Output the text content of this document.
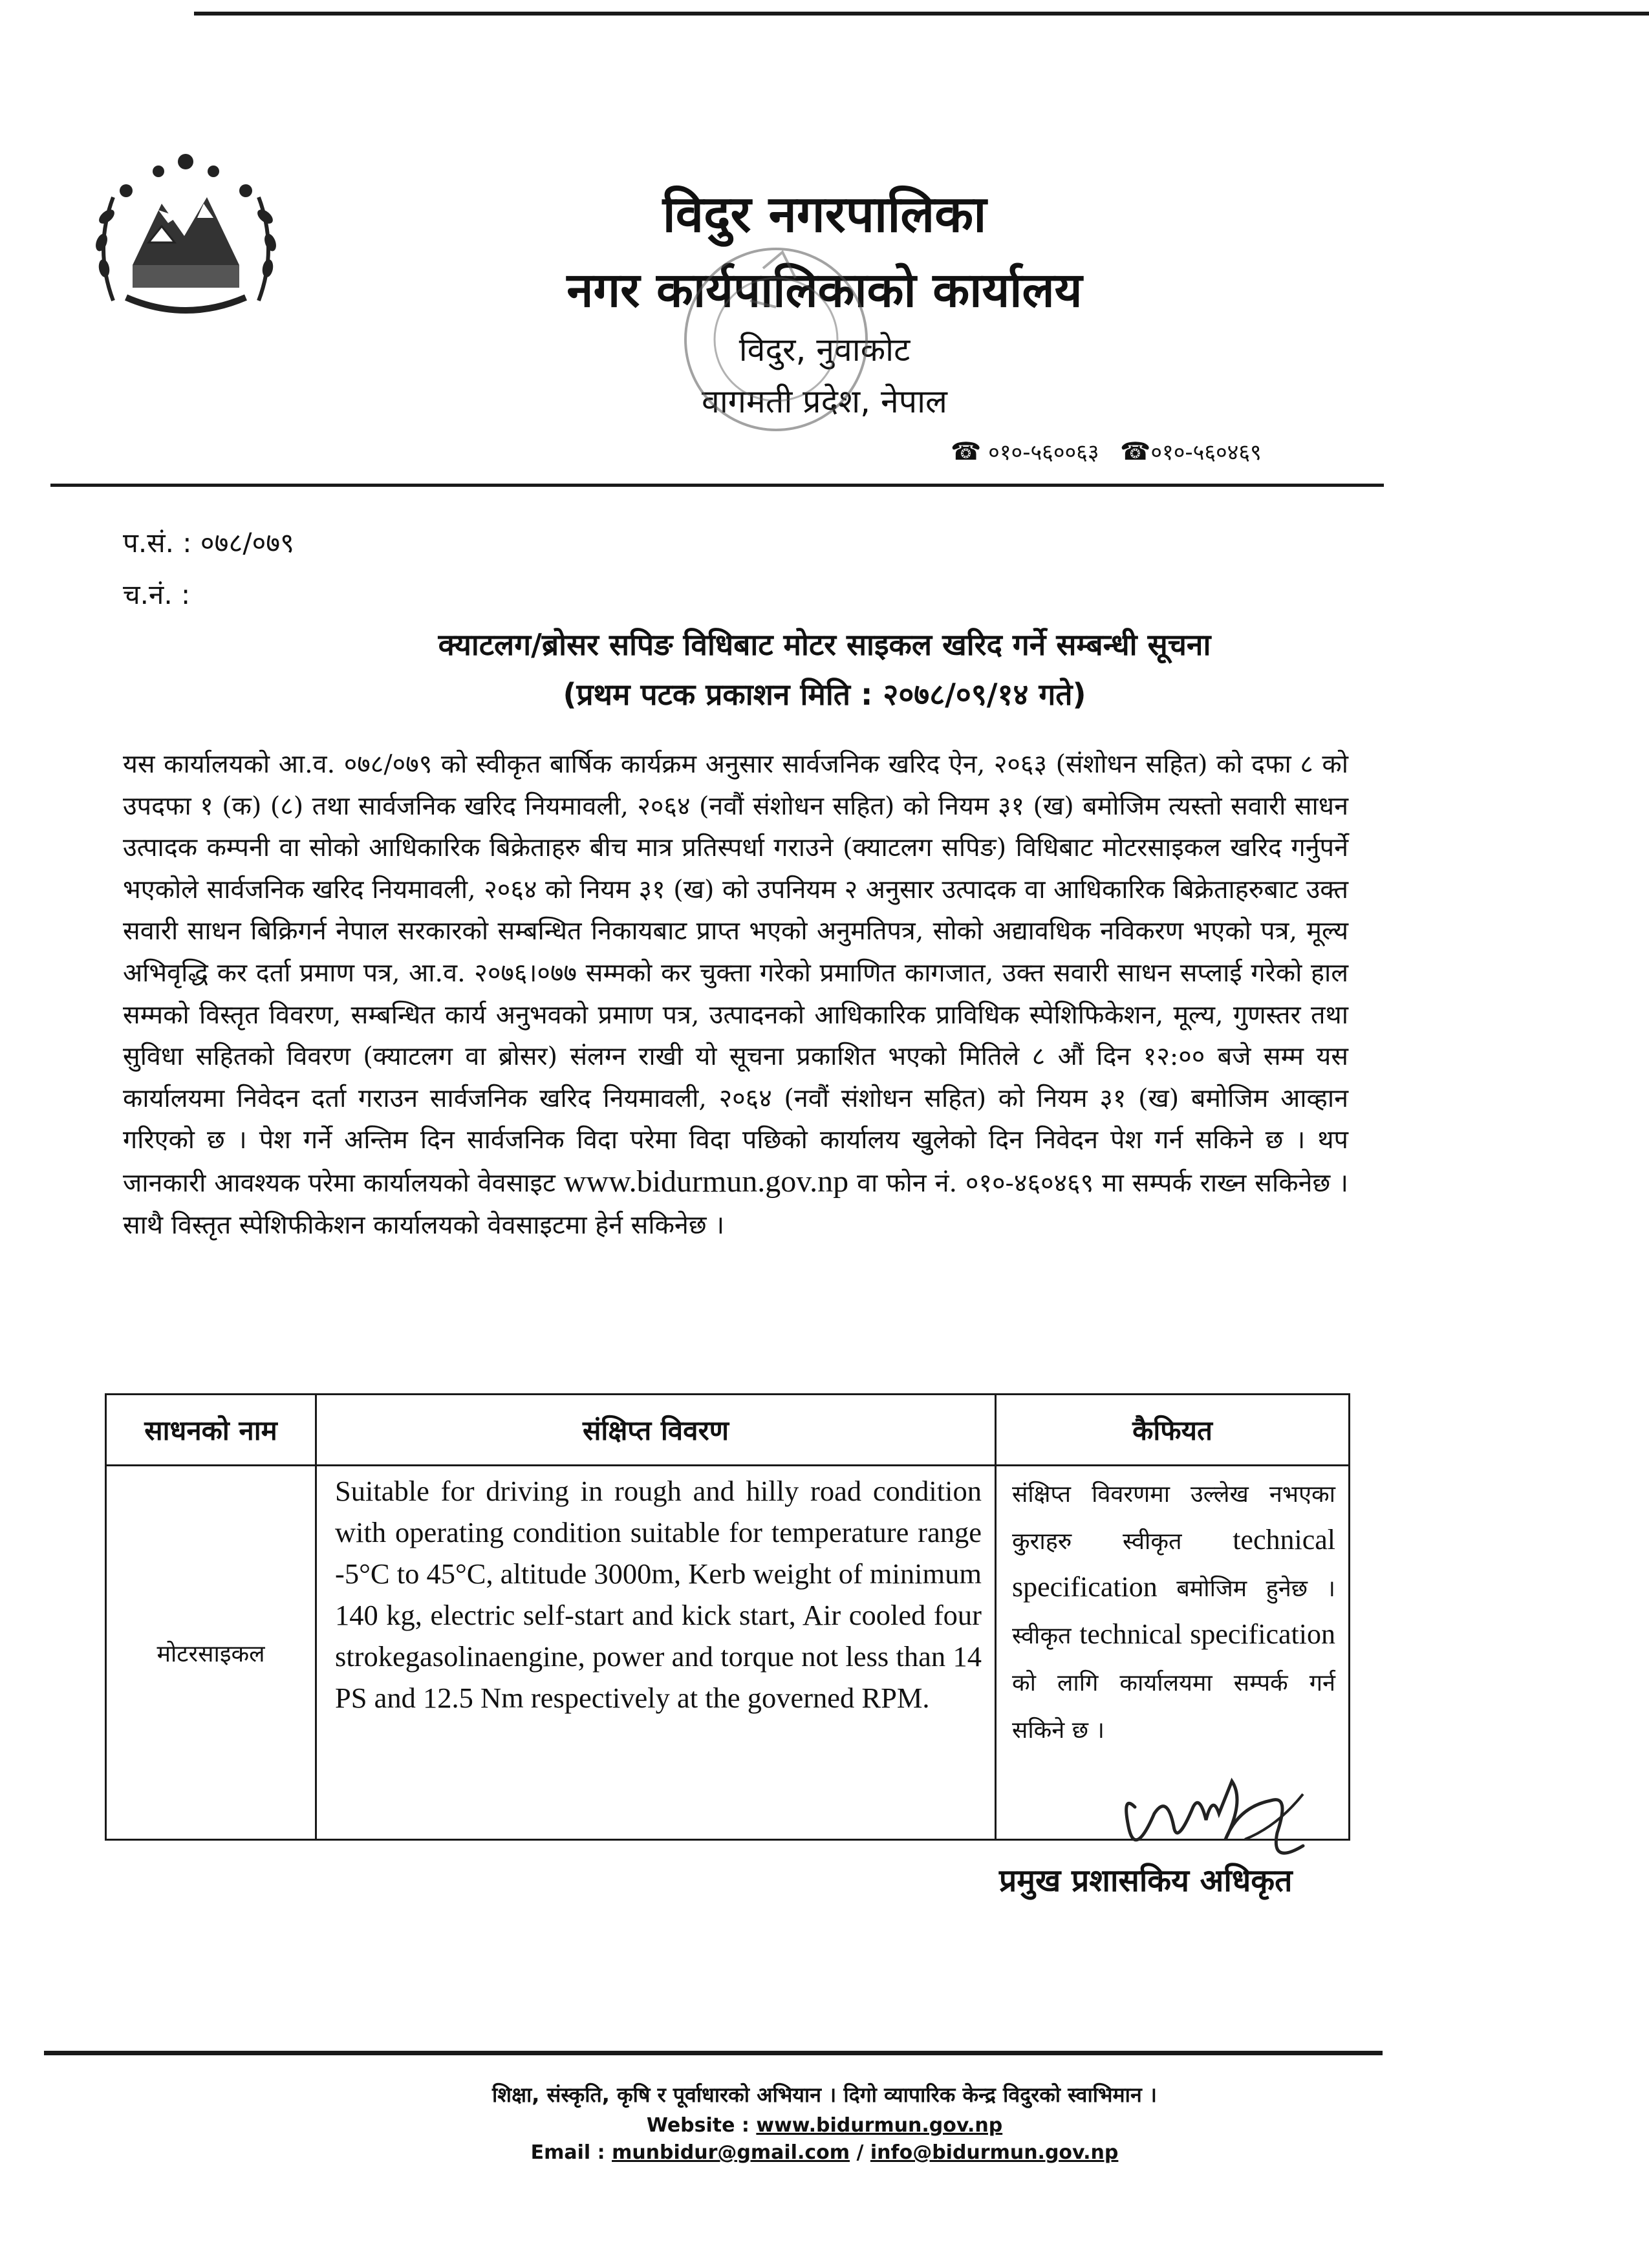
विदुर नगरपालिका
नगर कार्यपालिकाको कार्यालय
विदुर, नुवाकोट
वागमती प्रदेश, नेपाल
☎ ०१०-५६००६३ ☎०१०-५६०४६९
प.सं. : ०७८/०७९
च.नं. :
क्याटलग/ब्रोसर सपिङ विधिबाट मोटर साइकल खरिद गर्ने सम्बन्धी सूचना
(प्रथम पटक प्रकाशन मिति : २०७८/०९/१४ गते)
यस कार्यालयको आ.व. ०७८/०७९ को स्वीकृत बार्षिक कार्यक्रम अनुसार सार्वजनिक खरिद ऐन, २०६३ (संशोधन सहित) को दफा ८ को उपदफा १ (क) (८) तथा सार्वजनिक खरिद नियमावली, २०६४ (नवौं संशोधन सहित) को नियम ३१ (ख) बमोजिम त्यस्तो सवारी साधन उत्पादक कम्पनी वा सोको आधिकारिक बिक्रेताहरु बीच मात्र प्रतिस्पर्धा गराउने (क्याटलग सपिङ) विधिबाट मोटरसाइकल खरिद गर्नुपर्ने भएकोले सार्वजनिक खरिद नियमावली, २०६४ को नियम ३१ (ख) को उपनियम २ अनुसार उत्पादक वा आधिकारिक बिक्रेताहरुबाट उक्त सवारी साधन बिक्रिगर्न नेपाल सरकारको सम्बन्धित निकायबाट प्राप्त भएको अनुमतिपत्र, सोको अद्यावधिक नविकरण भएको पत्र, मूल्य अभिवृद्धि कर दर्ता प्रमाण पत्र, आ.व. २०७६।०७७ सम्मको कर चुक्ता गरेको प्रमाणित कागजात, उक्त सवारी साधन सप्लाई गरेको हाल सम्मको विस्तृत विवरण, सम्बन्धित कार्य अनुभवको प्रमाण पत्र, उत्पादनको आधिकारिक प्राविधिक स्पेशिफिकेशन, मूल्य, गुणस्तर तथा सुविधा सहितको विवरण (क्याटलग वा ब्रोसर) संलग्न राखी यो सूचना प्रकाशित भएको मितिले ८ औं दिन १२:०० बजे सम्म यस कार्यालयमा निवेदन दर्ता गराउन सार्वजनिक खरिद नियमावली, २०६४ (नवौं संशोधन सहित) को नियम ३१ (ख) बमोजिम आव्हान गरिएको छ । पेश गर्ने अन्तिम दिन सार्वजनिक विदा परेमा विदा पछिको कार्यालय खुलेको दिन निवेदन पेश गर्न सकिने छ । थप जानकारी आवश्यक परेमा कार्यालयको वेवसाइट www.bidurmun.gov.np वा फोन नं. ०१०-४६०४६९ मा सम्पर्क राख्न सकिनेछ । साथै विस्तृत स्पेशिफीकेशन कार्यालयको वेवसाइटमा हेर्न सकिनेछ ।
साधनको नाम	संक्षिप्त विवरण	कैफियत
मोटरसाइकल	Suitable for driving in rough and hilly road condition with operating condition suitable for temperature range -5°C to 45°C, altitude 3000m, Kerb weight of minimum 140 kg, electric self-start and kick start, Air cooled four strokegasolinaengine, power and torque not less than 14 PS and 12.5 Nm respectively at the governed RPM.	संक्षिप्त विवरणमा उल्लेख नभएका कुराहरु स्वीकृत technical specification बमोजिम हुनेछ । स्वीकृत technical specification को लागि कार्यालयमा सम्पर्क गर्न सकिने छ ।
प्रमुख प्रशासकिय अधिकृत
शिक्षा, संस्कृति, कृषि र पूर्वाधारको अभियान । दिगो व्यापारिक केन्द्र विदुरको स्वाभिमान ।
Website : www.bidurmun.gov.np
Email : munbidur@gmail.com / info@bidurmun.gov.np
